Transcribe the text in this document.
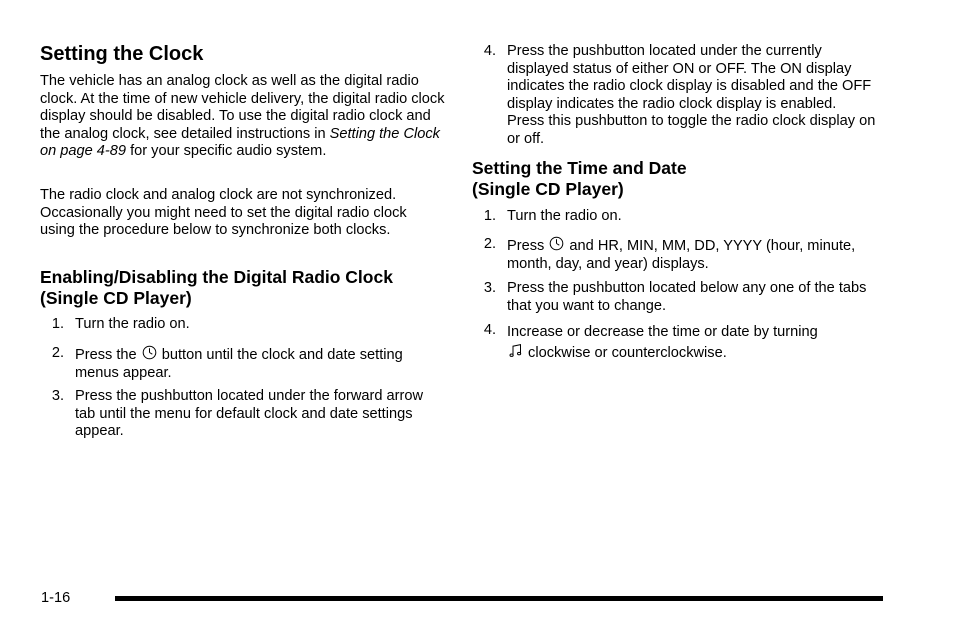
Setting the Clock

The vehicle has an analog clock as well as the digital radio clock. At the time of new vehicle delivery, the digital radio clock display should be disabled. To use the digital radio clock and the analog clock, see detailed instructions in Setting the Clock on page 4-89 for your specific audio system.

The radio clock and analog clock are not synchronized. Occasionally you might need to set the digital radio clock using the procedure below to synchronize both clocks.

Enabling/Disabling the Digital Radio Clock
(Single CD Player)
1. Turn the radio on.
2. Press the
button until the clock and date setting menus appear.
3. Press the pushbutton located under the forward arrow tab until the menu for default clock and date settings appear.
4. Press the pushbutton located under the currently displayed status of either ON or OFF. The ON display indicates the radio clock display is disabled and the OFF display indicates the radio clock display is enabled. Press this pushbutton to toggle the radio clock display on or off.
Setting the Time and Date
(Single CD Player)
1. Turn the radio on.
2. Press
and HR, MIN, MM, DD, YYYY (hour, minute, month, day, and year) displays.
3. Press the pushbutton located below any one of the tabs that you want to change.
4. Increase or decrease the time or date by turning
clockwise or counterclockwise.
1-16
